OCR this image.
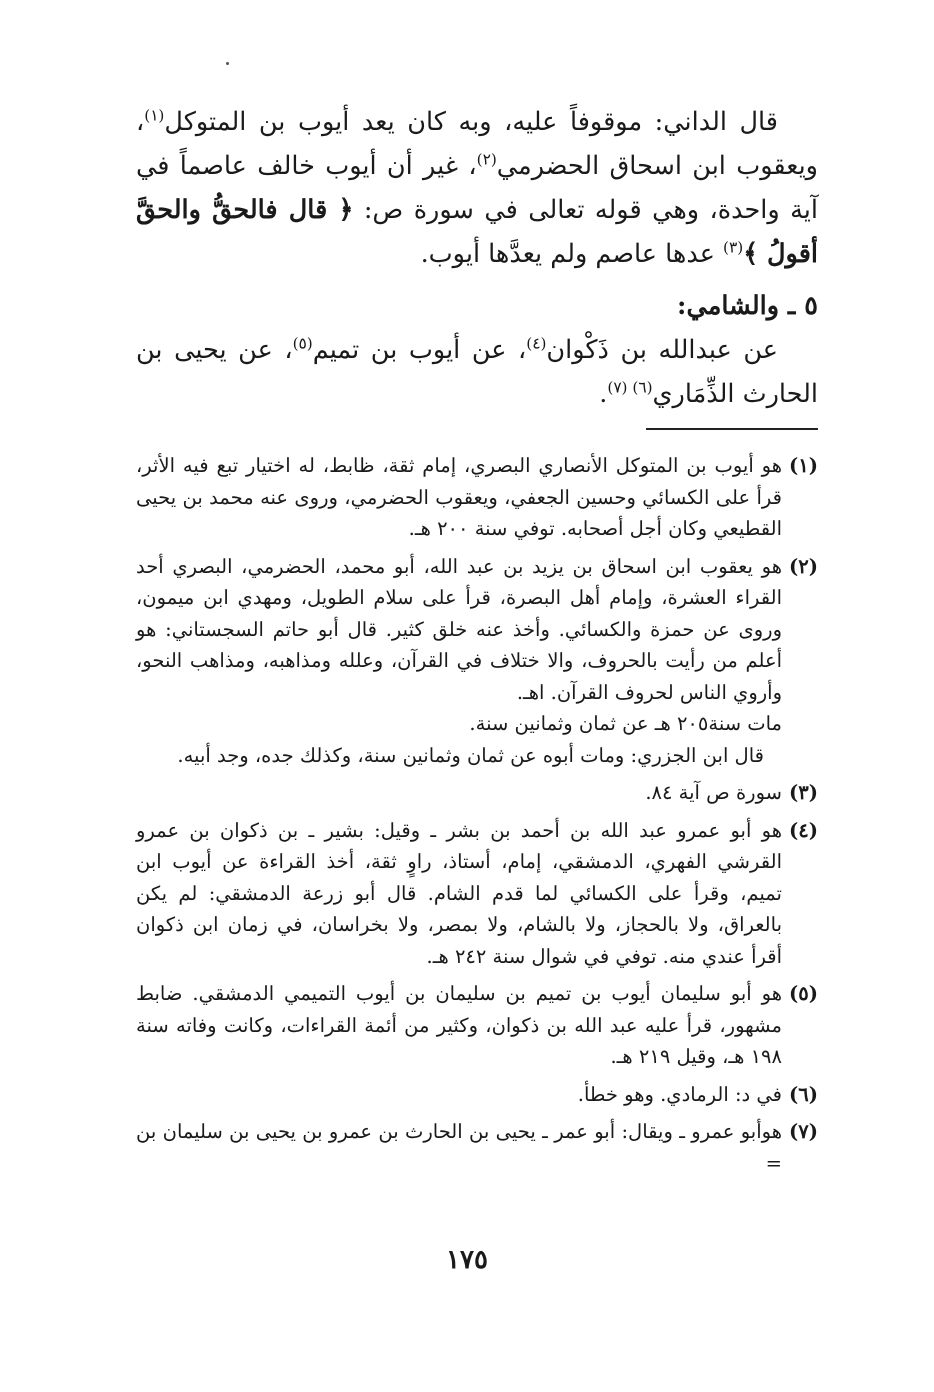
قال الداني: موقوفاً عليه، وبه كان يعد أيوب بن المتوكل$^{(١)}$، ويعقوب ابن اسحاق الحضرمي$^{(٢)}$، غير أن أيوب خالف عاصماً في آية واحدة، وهي قوله تعالى في سورة ص: ﴿ قال فالحقُّ والحقَّ أقولُ ﴾$^{(٣)}$ عدها عاصم ولم يعدَّها أيوب.

٥ ـ والشامي:

عن عبدالله بن ذَكْوان$^{(٤)}$، عن أيوب بن تميم$^{(٥)}$، عن يحيى بن الحارث الذِّمَاري$^{(٦) (٧)}$.

(١)

هو أيوب بن المتوكل الأنصاري البصري، إمام ثقة، ظابط، له اختيار تبع فيه الأثر، قرأ على الكسائي وحسين الجعفي، ويعقوب الحضرمي، وروى عنه محمد بن يحيى القطيعي وكان أجل أصحابه. توفي سنة ٢٠٠ هـ.

(٢)

هو يعقوب ابن اسحاق بن يزيد بن عبد الله، أبو محمد، الحضرمي، البصري أحد القراء العشرة، وإمام أهل البصرة، قرأ على سلام الطويل، ومهدي ابن ميمون، وروى عن حمزة والكسائي. وأخذ عنه خلق كثير. قال أبو حاتم السجستاني: هو أعلم من رأيت بالحروف، والا ختلاف في القرآن، وعلله ومذاهبه، ومذاهب النحو، وأروي الناس لحروف القرآن. اهـ.

مات سنة٢٠٥ هـ عن ثمان وثمانين سنة.

قال ابن الجزري: ومات أبوه عن ثمان وثمانين سنة، وكذلك جده، وجد أبيه.

(٣)

سورة ص آية ٨٤.

(٤)

هو أبو عمرو عبد الله بن أحمد بن بشر ـ وقيل: بشير ـ بن ذكوان بن عمرو القرشي الفهري، الدمشقي، إمام، أستاذ، راوٍ ثقة، أخذ القراءة عن أيوب ابن تميم، وقرأ على الكسائي لما قدم الشام. قال أبو زرعة الدمشقي: لم يكن بالعراق، ولا بالحجاز، ولا بالشام، ولا بمصر، ولا بخراسان، في زمان ابن ذكوان أقرأ عندي منه. توفي في شوال سنة ٢٤٢ هـ.

(٥)

هو أبو سليمان أيوب بن تميم بن سليمان بن أيوب التميمي الدمشقي. ضابط مشهور، قرأ عليه عبد الله بن ذكوان، وكثير من أئمة القراءات، وكانت وفاته سنة ١٩٨ هـ، وقيل ٢١٩ هـ.

(٦)

في د: الرمادي. وهو خطأ.

(٧)

هوأبو عمرو ـ ويقال: أبو عمر ـ يحيى بن الحارث بن عمرو بن يحيى بن سليمان بن =

١٧٥
